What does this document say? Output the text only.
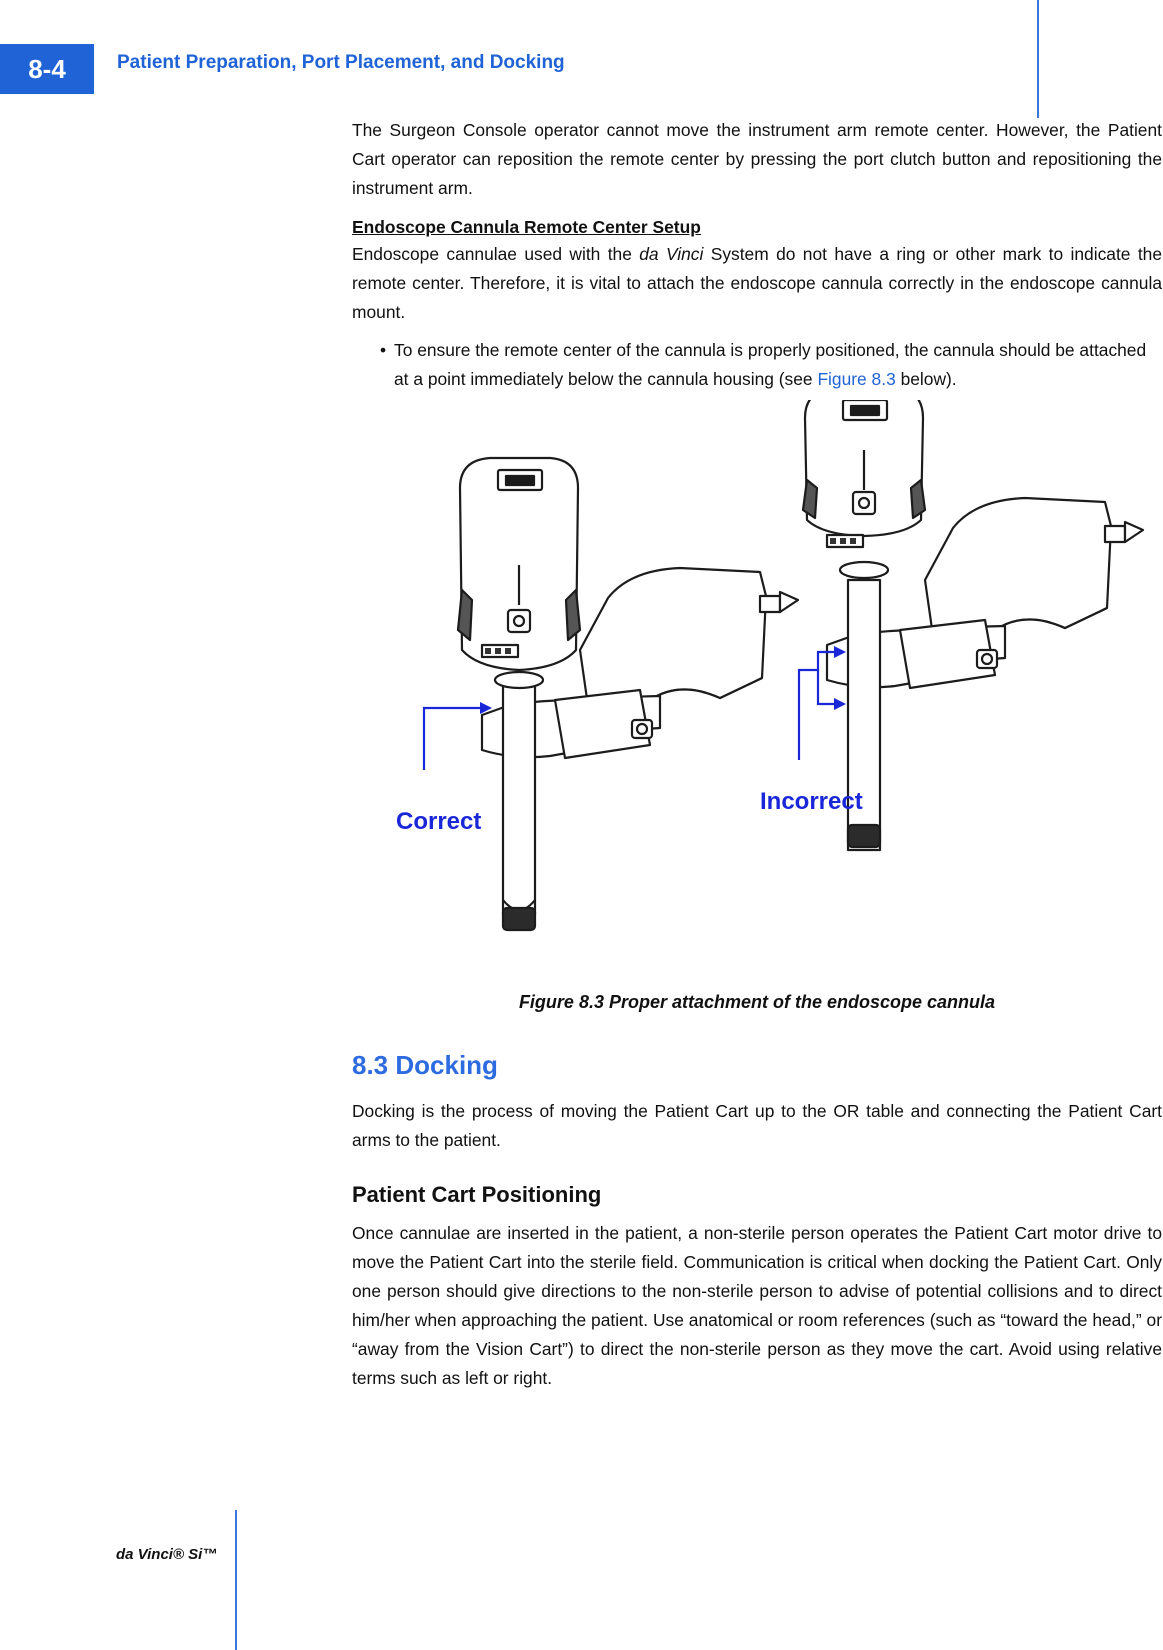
8-4	Patient Preparation, Port Placement, and Docking

The Surgeon Console operator cannot move the instrument arm remote center. However, the Patient Cart operator can reposition the remote center by pressing the port clutch button and repositioning the instrument arm.

Endoscope Cannula Remote Center Setup

Endoscope cannulae used with the da Vinci System do not have a ring or other mark to indicate the remote center. Therefore, it is vital to attach the endoscope cannula correctly in the endoscope cannula mount.

• To ensure the remote center of the cannula is properly positioned, the cannula should be attached at a point immediately below the cannula housing (see Figure 8.3 below).
Correct
Incorrect
Figure 8.3 Proper attachment of the endoscope cannula
8.3 Docking

Docking is the process of moving the Patient Cart up to the OR table and connecting the Patient Cart arms to the patient.

Patient Cart Positioning

Once cannulae are inserted in the patient, a non-sterile person operates the Patient Cart motor drive to move the Patient Cart into the sterile field. Communication is critical when docking the Patient Cart. Only one person should give directions to the non-sterile person to advise of potential collisions and to direct him/her when approaching the patient. Use anatomical or room references (such as “toward the head,” or “away from the Vision Cart”) to direct the non-sterile person as they move the cart. Avoid using relative terms such as left or right.

da Vinci® Si™
